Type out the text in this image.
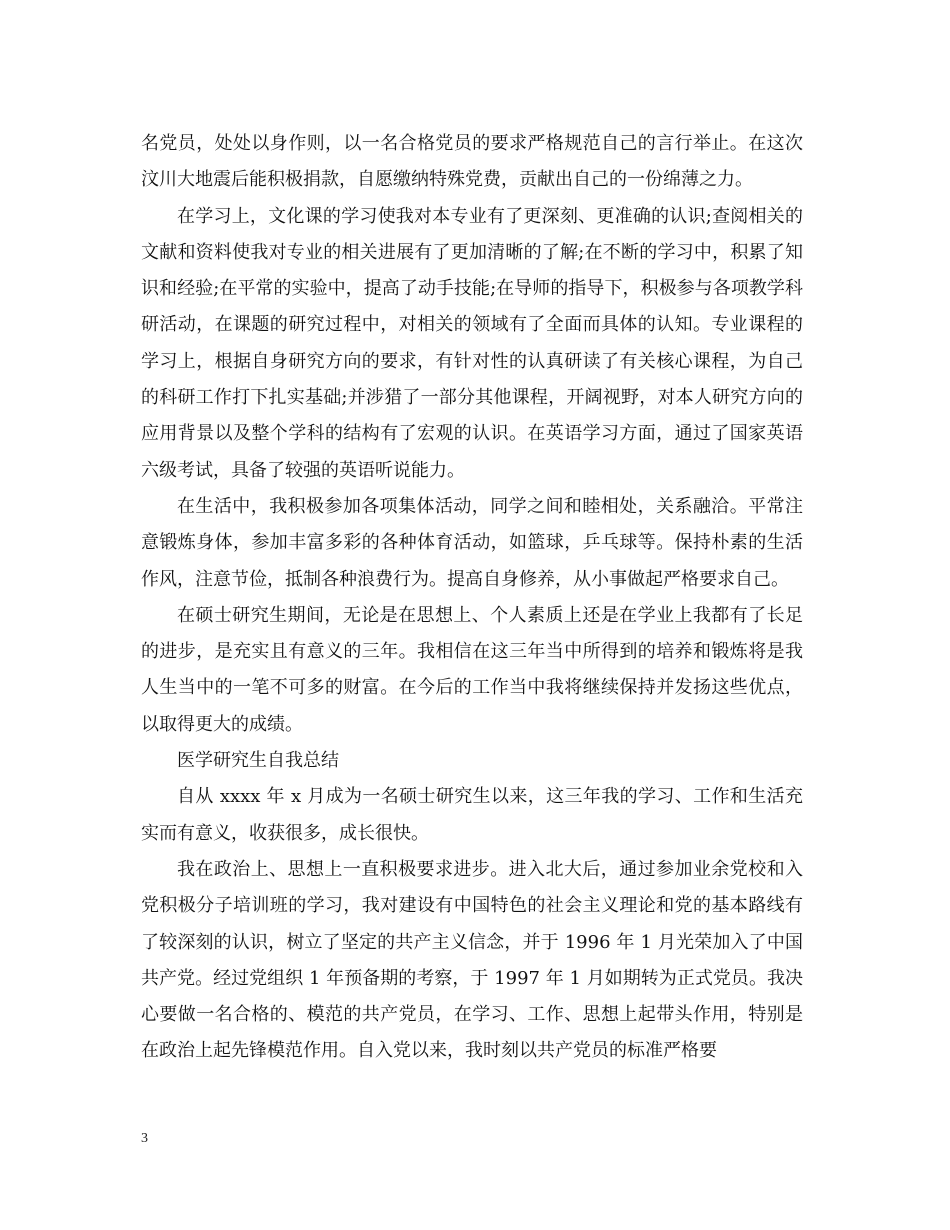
名党员，处处以身作则，以一名合格党员的要求严格规范自己的言行举止。在这次汶川大地震后能积极捐款，自愿缴纳特殊党费，贡献出自己的一份绵薄之力。

在学习上，文化课的学习使我对本专业有了更深刻、更准确的认识;查阅相关的文献和资料使我对专业的相关进展有了更加清晰的了解;在不断的学习中，积累了知识和经验;在平常的实验中，提高了动手技能;在导师的指导下，积极参与各项教学科研活动，在课题的研究过程中，对相关的领域有了全面而具体的认知。专业课程的学习上，根据自身研究方向的要求，有针对性的认真研读了有关核心课程，为自己的科研工作打下扎实基础;并涉猎了一部分其他课程，开阔视野，对本人研究方向的应用背景以及整个学科的结构有了宏观的认识。在英语学习方面，通过了国家英语六级考试，具备了较强的英语听说能力。

在生活中，我积极参加各项集体活动，同学之间和睦相处，关系融洽。平常注意锻炼身体，参加丰富多彩的各种体育活动，如篮球，乒乓球等。保持朴素的生活作风，注意节俭，抵制各种浪费行为。提高自身修养，从小事做起严格要求自己。

在硕士研究生期间，无论是在思想上、个人素质上还是在学业上我都有了长足的进步，是充实且有意义的三年。我相信在这三年当中所得到的培养和锻炼将是我人生当中的一笔不可多的财富。在今后的工作当中我将继续保持并发扬这些优点，以取得更大的成绩。

医学研究生自我总结

自从 xxxx 年 x 月成为一名硕士研究生以来，这三年我的学习、工作和生活充实而有意义，收获很多，成长很快。

我在政治上、思想上一直积极要求进步。进入北大后，通过参加业余党校和入党积极分子培训班的学习，我对建设有中国特色的社会主义理论和党的基本路线有了较深刻的认识，树立了坚定的共产主义信念，并于 1996 年 1 月光荣加入了中国共产党。经过党组织 1 年预备期的考察，于 1997 年 1 月如期转为正式党员。我决心要做一名合格的、模范的共产党员，在学习、工作、思想上起带头作用，特别是在政治上起先锋模范作用。自入党以来，我时刻以共产党员的标准严格要

3
